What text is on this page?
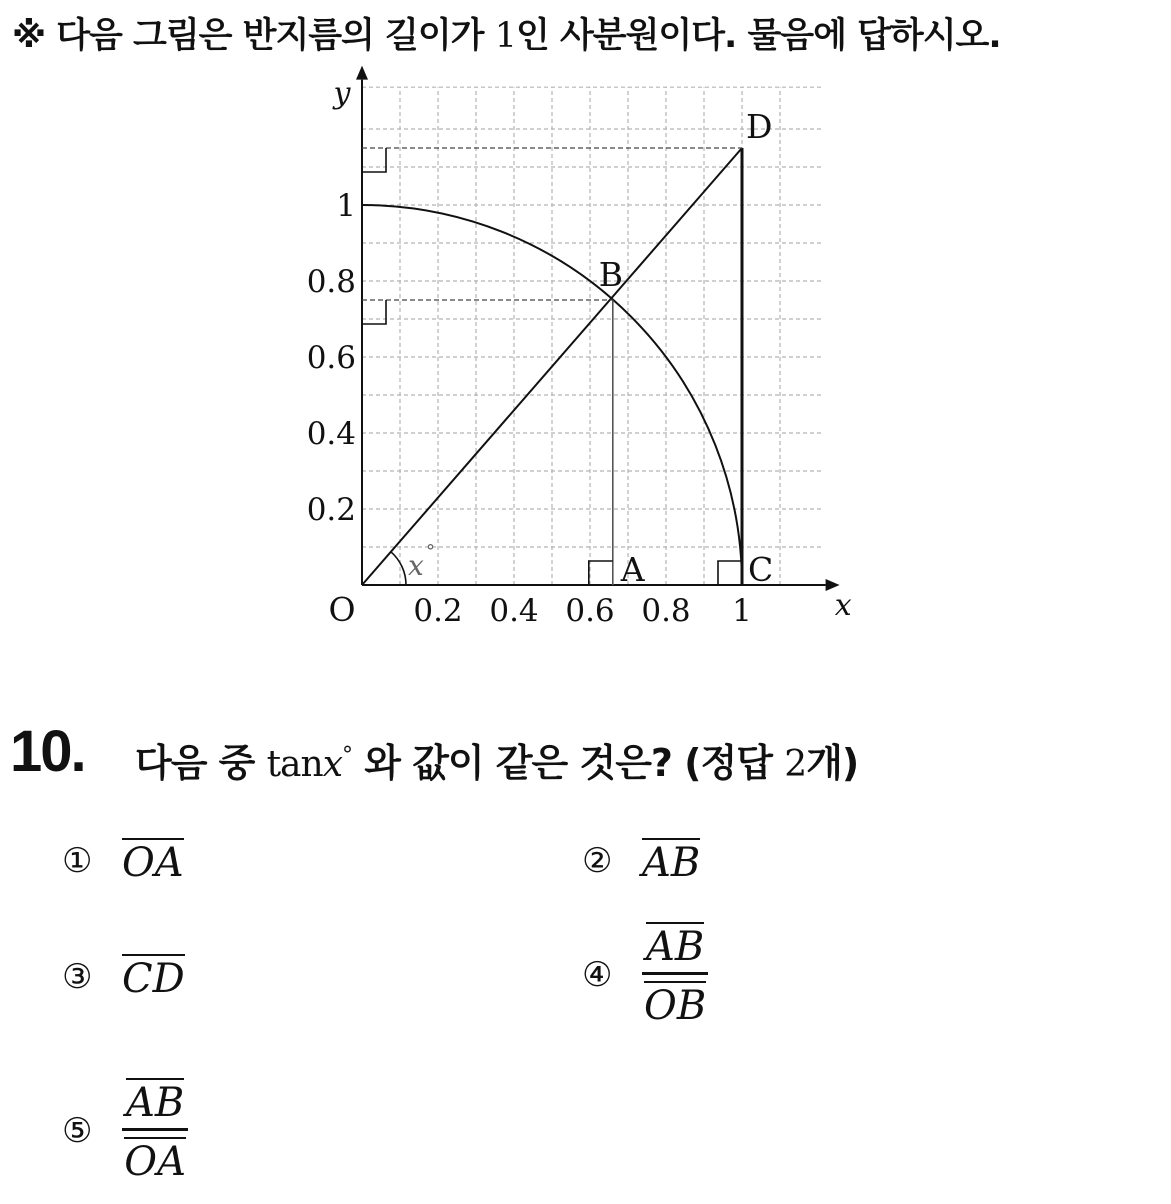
※ 다음 그림은 반지름의 길이가 1인 사분원이다. 물음에 답하시오.
0.2 0.4 0.6 0.8 1
0.2
0.4
0.6
0.8
1
x
y
O
x °	A
B
C
D
10. 다음 중 tanx° 와 값이 같은 것은? (정답 2개)
① OA	② AB
③ CD	④ $\frac{AB}{OB}$
⑤ $\frac{AB}{OA}$
